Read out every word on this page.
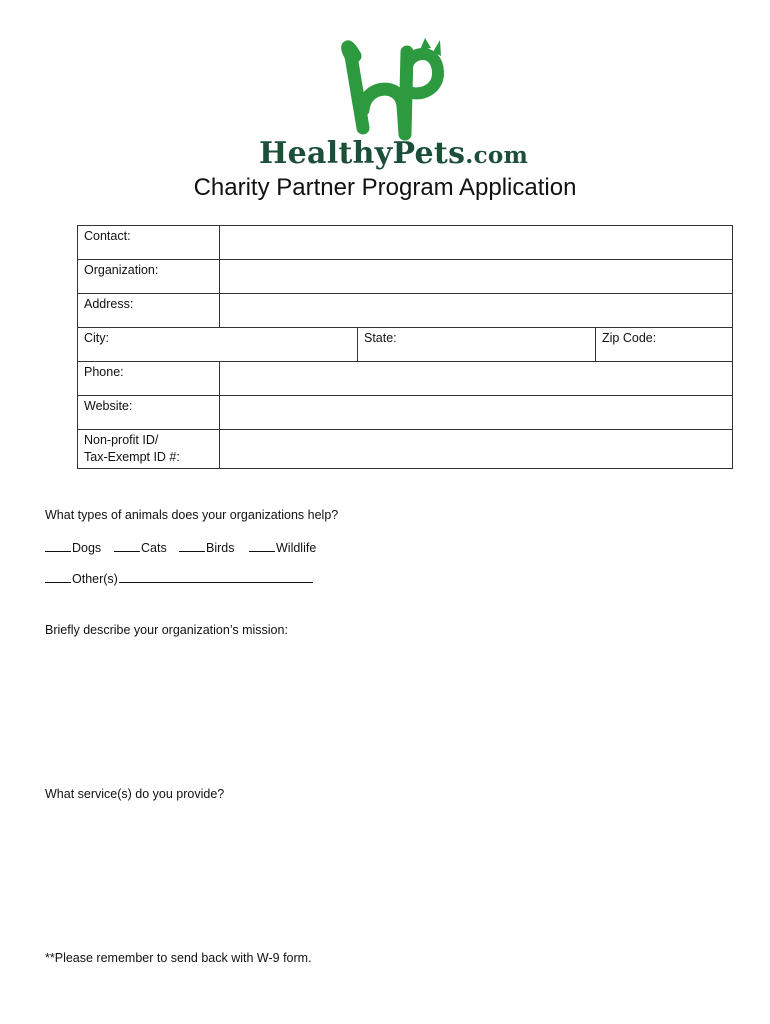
HealthyPets.com
Charity Partner Program Application
Contact:			
Organization:			
Address:			
City:		State:	Zip Code:
Phone:			
Website:			
Non-profit ID/
Tax-Exempt ID #:			
What types of animals does your organizations help?
Dogs	Cats	Birds	Wildlife
Other(s)
Briefly describe your organization’s mission:
What service(s) do you provide?
**Please remember to send back with W-9 form.
